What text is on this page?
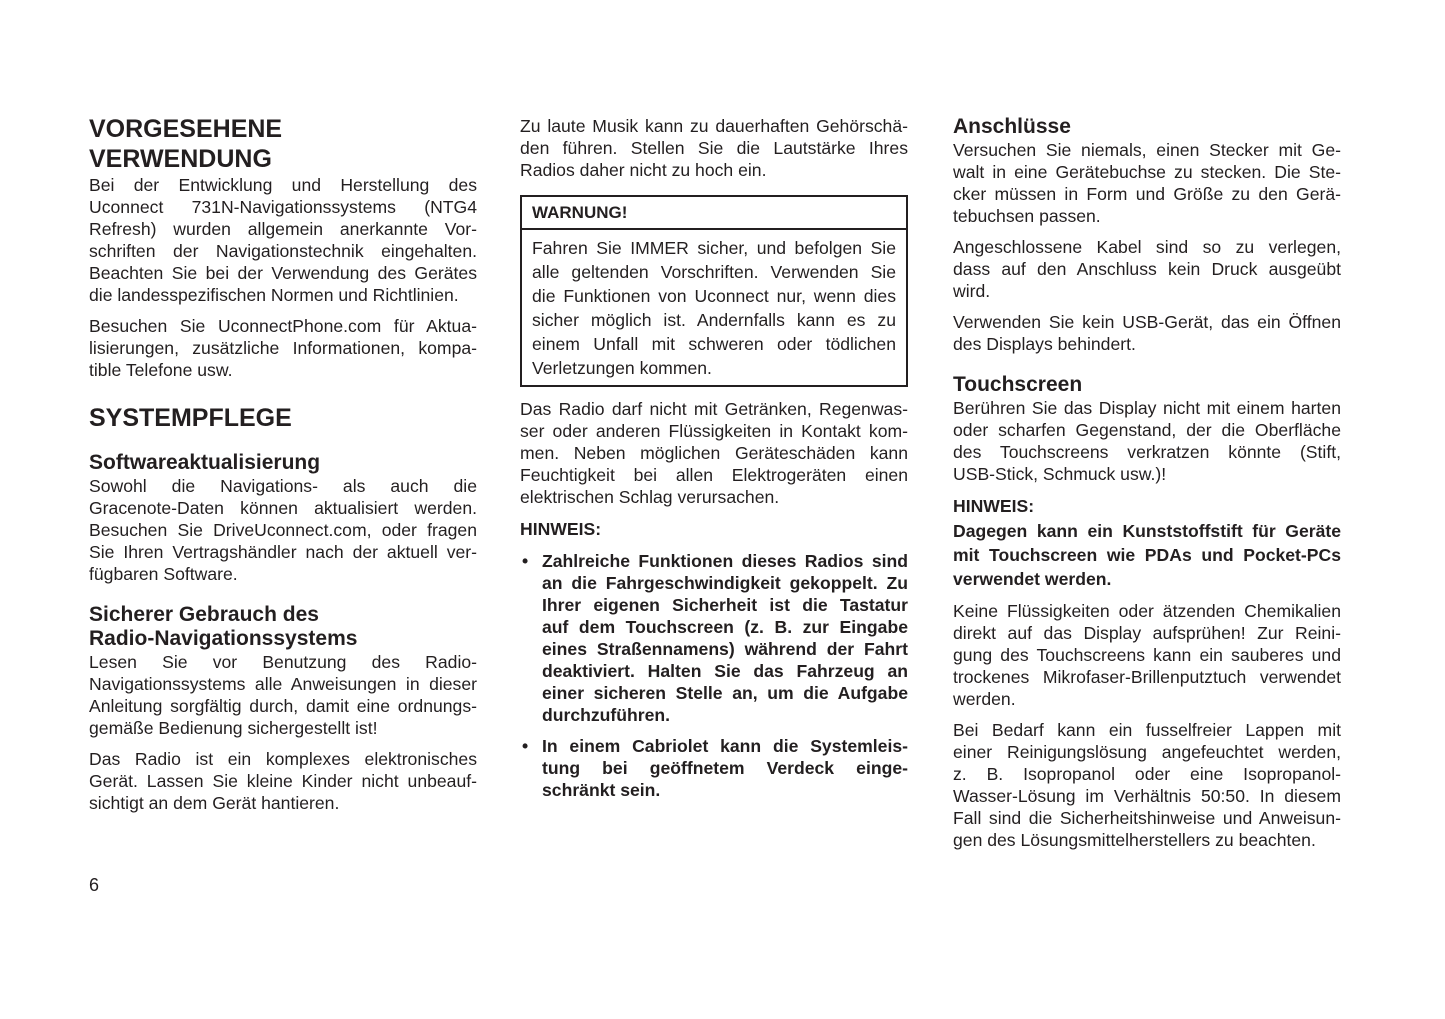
VORGESEHENE
VERWENDUNG
Bei der Entwicklung und Herstellung des
Uconnect 731N-Navigationssystems (NTG4
Refresh) wurden allgemein anerkannte Vor-
schriften der Navigationstechnik eingehalten.
Beachten Sie bei der Verwendung des Gerätes
die landesspezifischen Normen und Richtlinien.
Besuchen Sie UconnectPhone.com für Aktua-
lisierungen, zusätzliche Informationen, kompa-
tible Telefone usw.
SYSTEMPFLEGE
Softwareaktualisierung
Sowohl die Navigations- als auch die
Gracenote-Daten können aktualisiert werden.
Besuchen Sie DriveUconnect.com, oder fragen
Sie Ihren Vertragshändler nach der aktuell ver-
fügbaren Software.
Sicherer Gebrauch des
Radio-Navigationssystems
Lesen Sie vor Benutzung des Radio-
Navigationssystems alle Anweisungen in dieser
Anleitung sorgfältig durch, damit eine ordnungs-
gemäße Bedienung sichergestellt ist!
Das Radio ist ein komplexes elektronisches
Gerät. Lassen Sie kleine Kinder nicht unbeauf-
sichtigt an dem Gerät hantieren.
Zu laute Musik kann zu dauerhaften Gehörschä-
den führen. Stellen Sie die Lautstärke Ihres
Radios daher nicht zu hoch ein.
WARNUNG!
Fahren Sie IMMER sicher, und befolgen Sie
alle geltenden Vorschriften. Verwenden Sie
die Funktionen von Uconnect nur, wenn dies
sicher möglich ist. Andernfalls kann es zu
einem Unfall mit schweren oder tödlichen
Verletzungen kommen.
Das Radio darf nicht mit Getränken, Regenwas-
ser oder anderen Flüssigkeiten in Kontakt kom-
men. Neben möglichen Geräteschäden kann
Feuchtigkeit bei allen Elektrogeräten einen
elektrischen Schlag verursachen.
HINWEIS:
• Zahlreiche Funktionen dieses Radios sind
an die Fahrgeschwindigkeit gekoppelt. Zu
Ihrer eigenen Sicherheit ist die Tastatur
auf dem Touchscreen (z. B. zur Eingabe
eines Straßennamens) während der Fahrt
deaktiviert. Halten Sie das Fahrzeug an
einer sicheren Stelle an, um die Aufgabe
durchzuführen.
• In einem Cabriolet kann die Systemleis-
tung bei geöffnetem Verdeck einge-
schränkt sein.
Anschlüsse
Versuchen Sie niemals, einen Stecker mit Ge-
walt in eine Gerätebuchse zu stecken. Die Ste-
cker müssen in Form und Größe zu den Gerä-
tebuchsen passen.
Angeschlossene Kabel sind so zu verlegen,
dass auf den Anschluss kein Druck ausgeübt
wird.
Verwenden Sie kein USB-Gerät, das ein Öffnen
des Displays behindert.
Touchscreen
Berühren Sie das Display nicht mit einem harten
oder scharfen Gegenstand, der die Oberfläche
des Touchscreens verkratzen könnte (Stift,
USB-Stick, Schmuck usw.)!
HINWEIS:
Dagegen kann ein Kunststoffstift für Geräte
mit Touchscreen wie PDAs und Pocket-PCs
verwendet werden.
Keine Flüssigkeiten oder ätzenden Chemikalien
direkt auf das Display aufsprühen! Zur Reini-
gung des Touchscreens kann ein sauberes und
trockenes Mikrofaser-Brillenputztuch verwendet
werden.
Bei Bedarf kann ein fusselfreier Lappen mit
einer Reinigungslösung angefeuchtet werden,
z. B. Isopropanol oder eine Isopropanol-
Wasser-Lösung im Verhältnis 50:50. In diesem
Fall sind die Sicherheitshinweise und Anweisun-
gen des Lösungsmittelherstellers zu beachten.
6
